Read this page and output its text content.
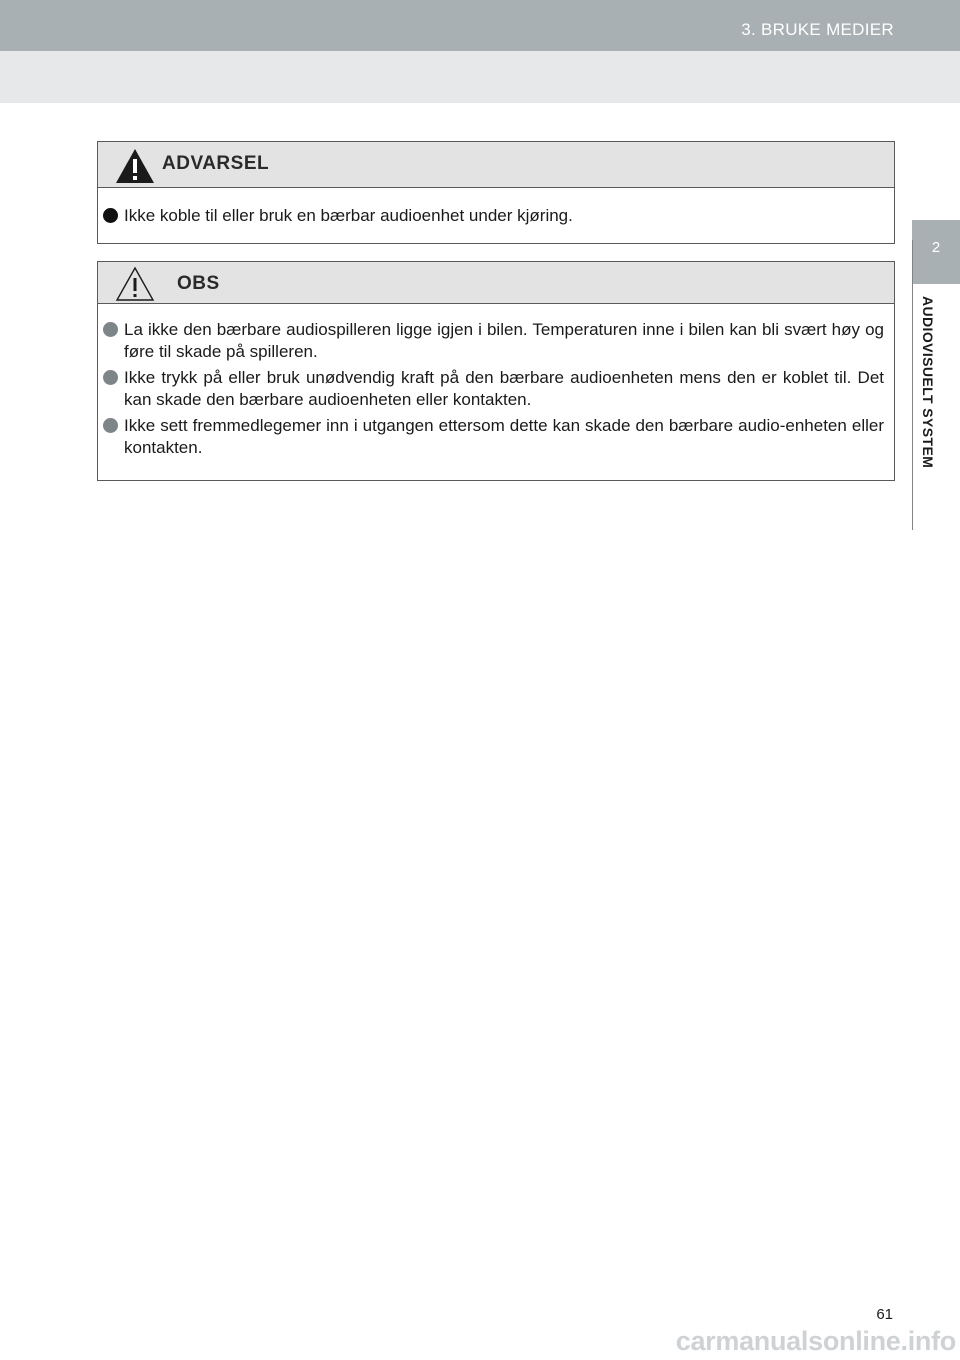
3. BRUKE MEDIER
2
AUDIOVISUELT SYSTEM
ADVARSEL
Ikke koble til eller bruk en bærbar audioenhet under kjøring.
OBS
La ikke den bærbare audiospilleren ligge igjen i bilen. Temperaturen inne i bilen kan bli svært høy og føre til skade på spilleren.
Ikke trykk på eller bruk unødvendig kraft på den bærbare audioenheten mens den er koblet til. Det kan skade den bærbare audioenheten eller kontakten.
Ikke sett fremmedlegemer inn i utgangen ettersom dette kan skade den bærbare audio-enheten eller kontakten.
61
carmanualsonline.info
